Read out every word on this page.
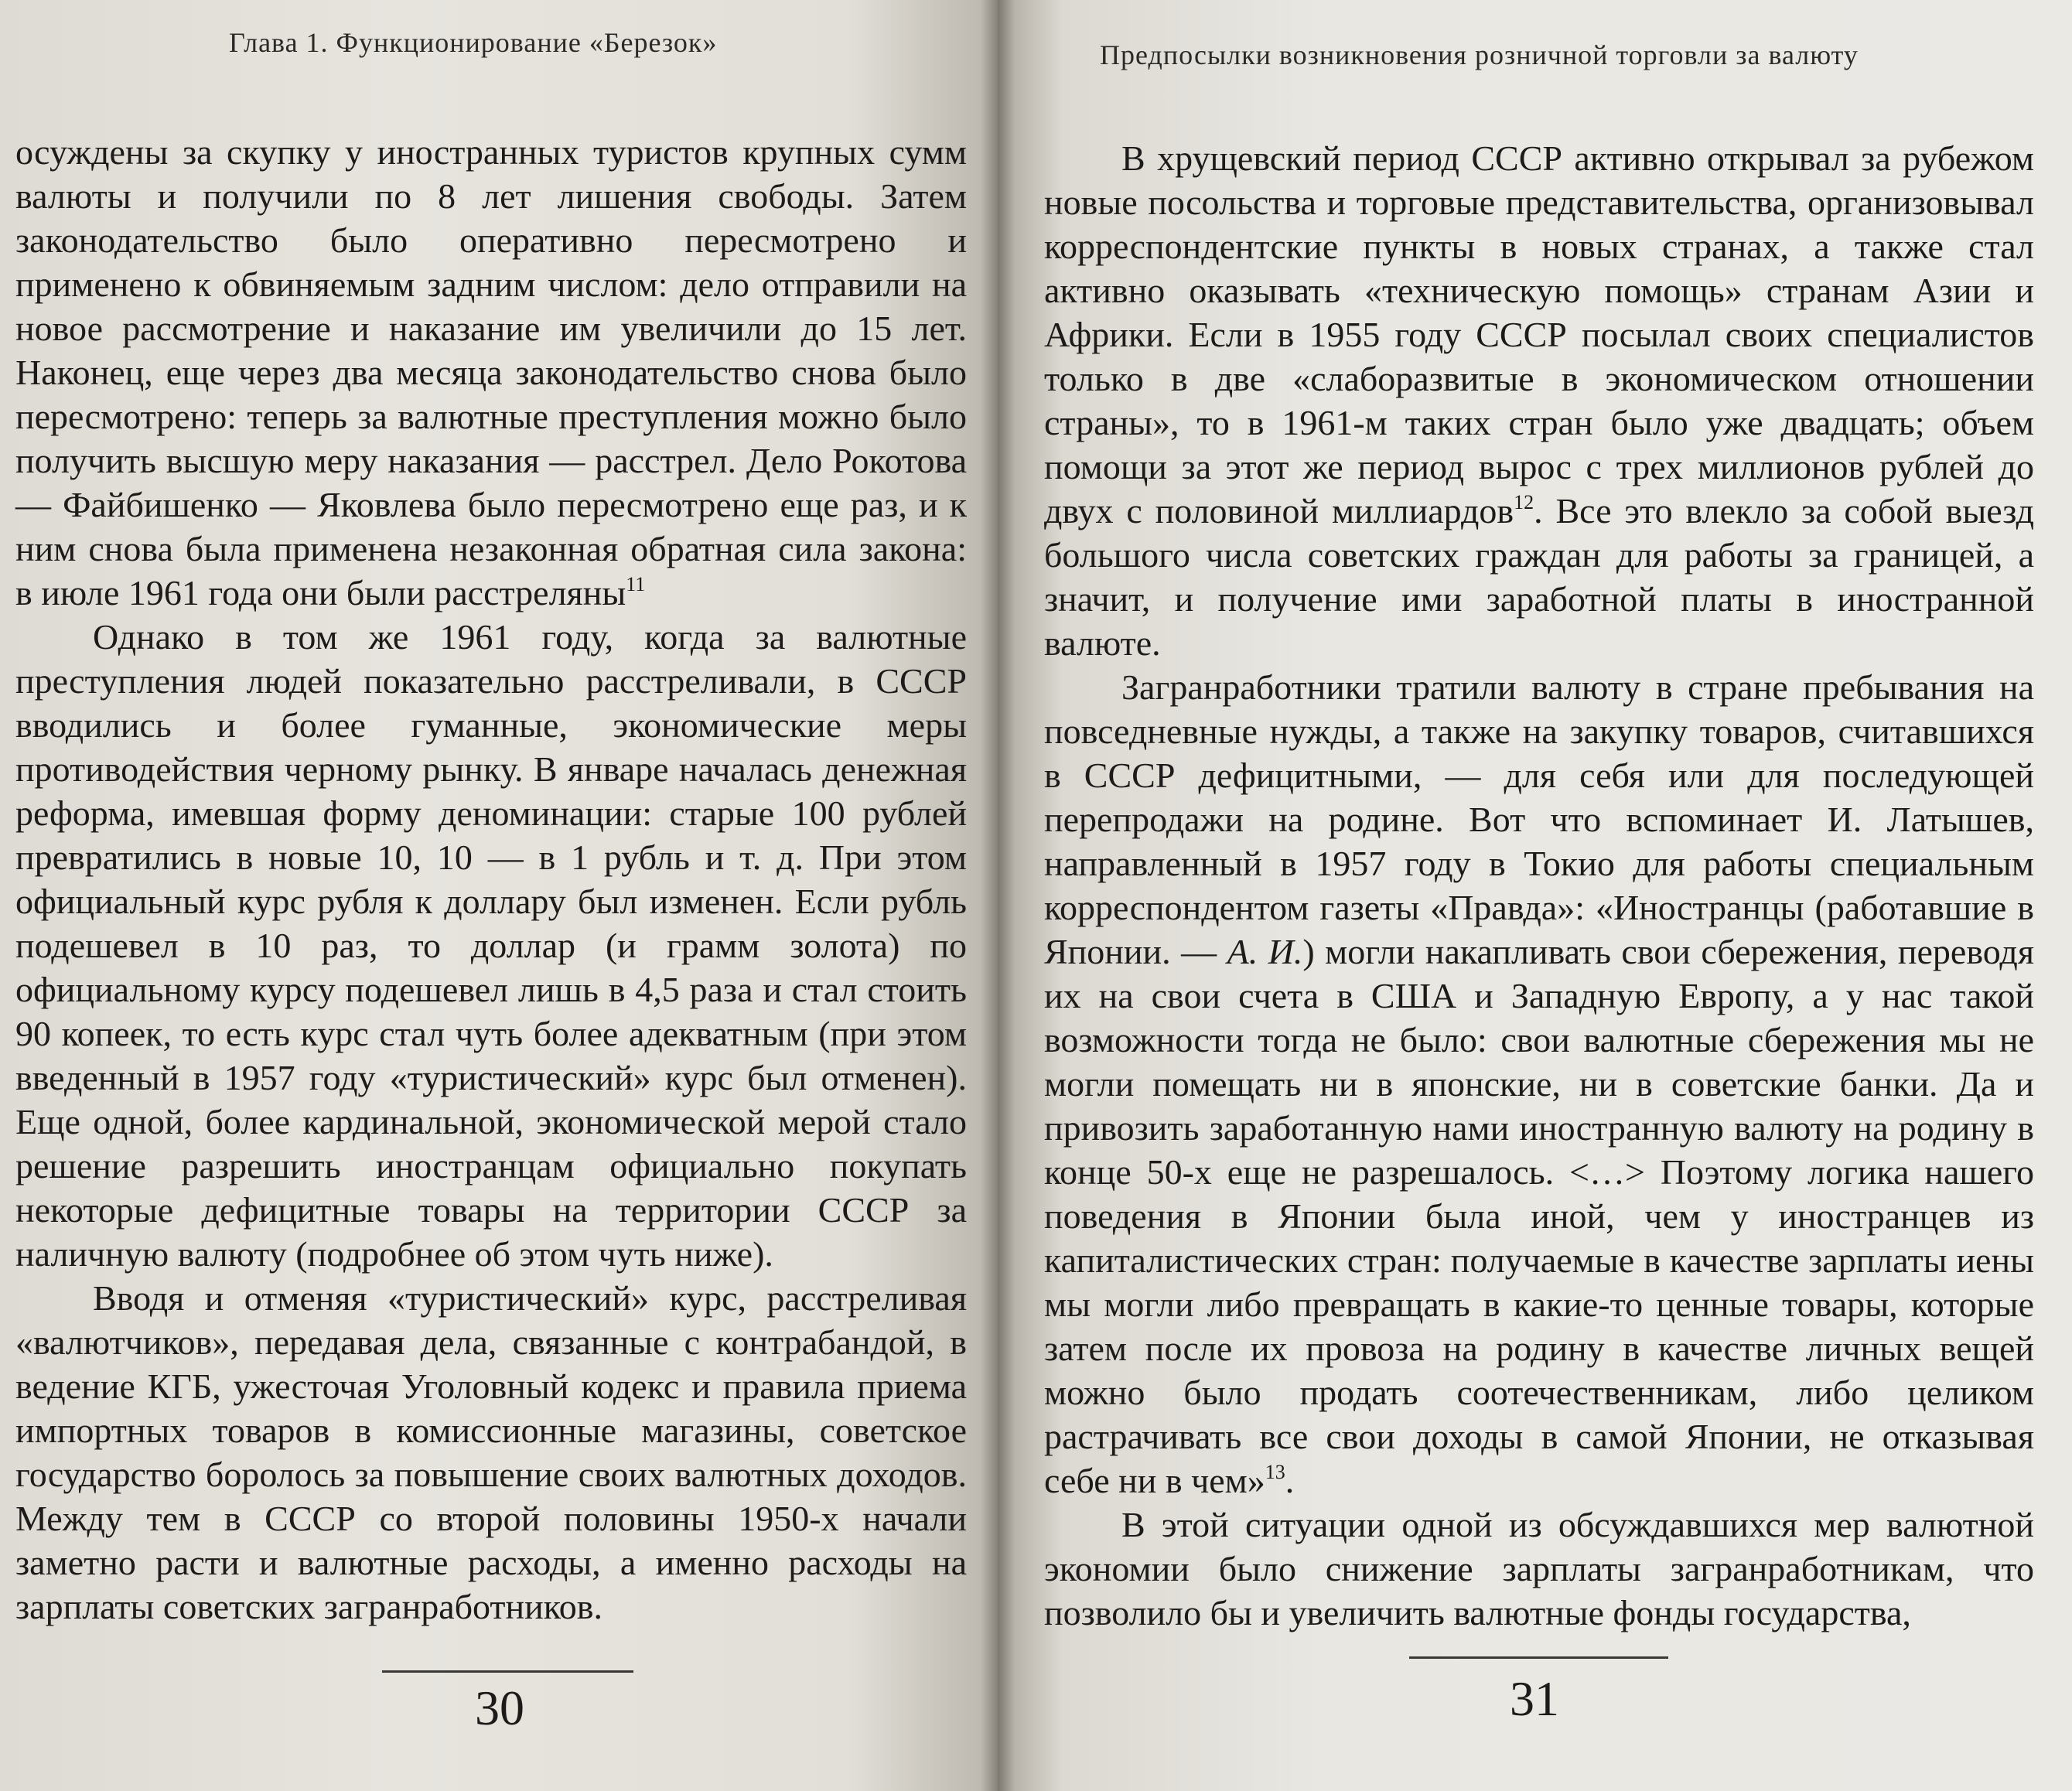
Глава 1. Функционирование «Березок»

осуждены за скупку у иностранных туристов крупных сумм валюты и получили по 8 лет лишения свободы. Затем законодательство было оперативно пересмотрено и применено к обвиняемым задним числом: дело отправили на новое рассмотрение и наказание им увеличили до 15 лет. Наконец, еще через два месяца законодательство снова было пересмотрено: теперь за валютные преступления можно было получить высшую меру наказания — расстрел. Дело Рокотова — Файбишенко — Яковлева было пересмотрено еще раз, и к ним снова была применена незаконная обратная сила закона: в июле 1961 года они были расстреляны$^{11}$

Однако в том же 1961 году, когда за валютные преступления людей показательно расстреливали, в СССР вводились и более гуманные, экономические меры противодействия черному рынку. В январе началась денежная реформа, имевшая форму деноминации: старые 100 рублей превратились в новые 10, 10 — в 1 рубль и т. д. При этом официальный курс рубля к доллару был изменен. Если рубль подешевел в 10 раз, то доллар (и грамм золота) по официальному курсу подешевел лишь в 4,5 раза и стал стоить 90 копеек, то есть курс стал чуть более адекватным (при этом введенный в 1957 году «туристический» курс был отменен). Еще одной, более кардинальной, экономической мерой стало решение разрешить иностранцам официально покупать некоторые дефицитные товары на территории СССР за наличную валюту (подробнее об этом чуть ниже).

Вводя и отменяя «туристический» курс, расстреливая «валютчиков», передавая дела, связанные с контрабандой, в ведение КГБ, ужесточая Уголовный кодекс и правила приема импортных товаров в комиссионные магазины, советское государство боролось за повышение своих валютных доходов. Между тем в СССР со второй половины 1950-х начали заметно расти и валютные расходы, а именно расходы на зарплаты советских загранработников.

30
Предпосылки возникновения розничной торговли за валюту

В хрущевский период СССР активно открывал за рубежом новые посольства и торговые представительства, организовывал корреспондентские пункты в новых странах, а также стал активно оказывать «техническую помощь» странам Азии и Африки. Если в 1955 году СССР посылал своих специалистов только в две «слаборазвитые в экономическом отношении страны», то в 1961-м таких стран было уже двадцать; объем помощи за этот же период вырос с трех миллионов рублей до двух с половиной миллиардов$^{12}$. Все это влекло за собой выезд большого числа советских граждан для работы за границей, а значит, и получение ими заработной платы в иностранной валюте.

Загранработники тратили валюту в стране пребывания на повседневные нужды, а также на закупку товаров, считавшихся в СССР дефицитными, — для себя или для последующей перепродажи на родине. Вот что вспоминает И. Латышев, направленный в 1957 году в Токио для работы специальным корреспондентом газеты «Правда»: «Иностранцы (работавшие в Японии. — А. И.) могли накапливать свои сбережения, переводя их на свои счета в США и Западную Европу, а у нас такой возможности тогда не было: свои валютные сбережения мы не могли помещать ни в японские, ни в советские банки. Да и привозить заработанную нами иностранную валюту на родину в конце 50-х еще не разрешалось. <…> Поэтому логика нашего поведения в Японии была иной, чем у иностранцев из капиталистических стран: получаемые в качестве зарплаты иены мы могли либо превращать в какие-то ценные товары, которые затем после их провоза на родину в качестве личных вещей можно было продать соотечественникам, либо целиком растрачивать все свои доходы в самой Японии, не отказывая себе ни в чем»$^{13}$.

В этой ситуации одной из обсуждавшихся мер валютной экономии было снижение зарплаты загранработникам, что позволило бы и увеличить валютные фонды государства,

31
